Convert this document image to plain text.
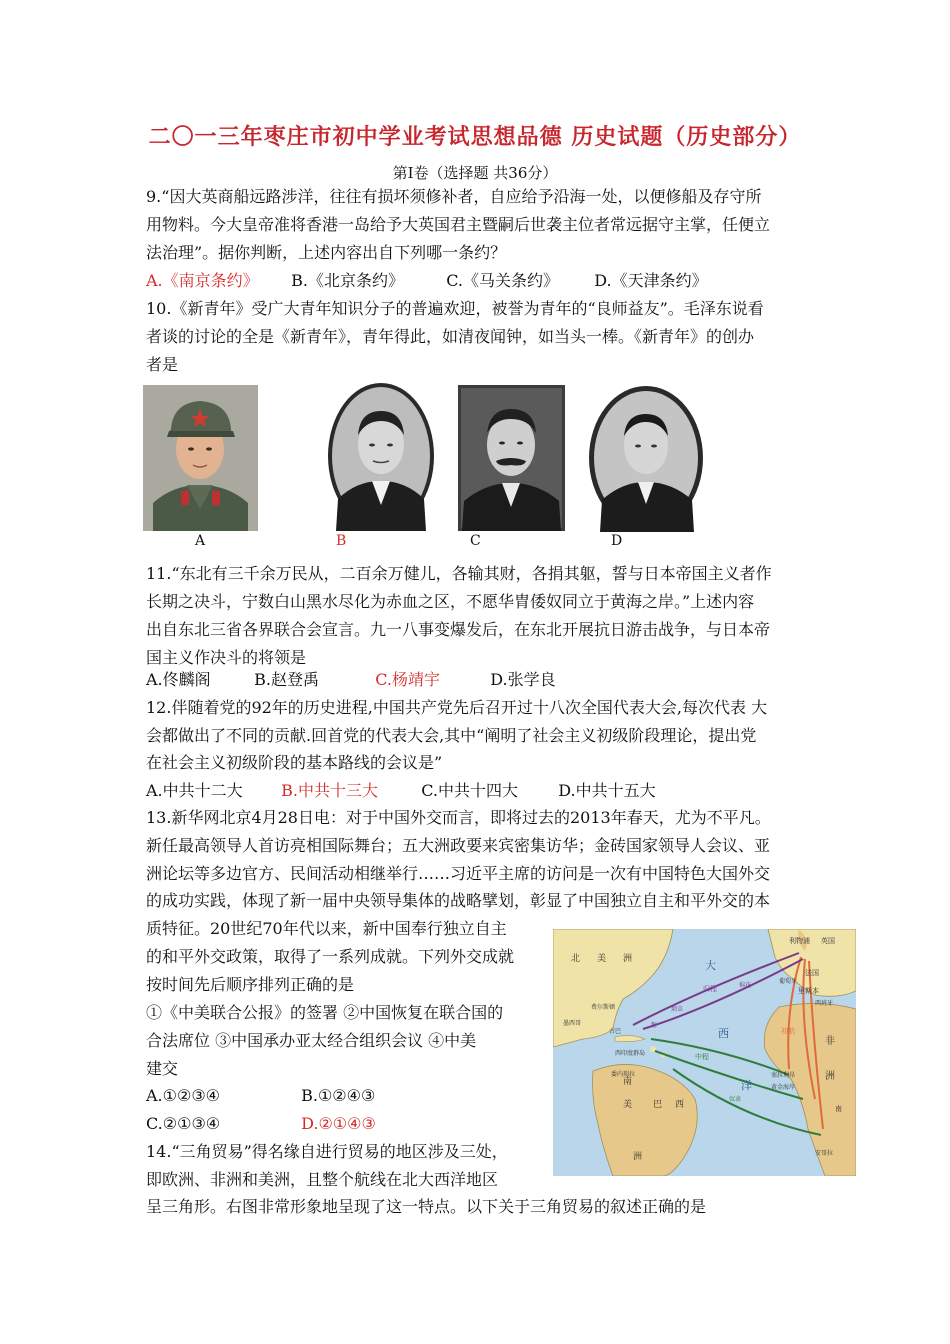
二〇一三年枣庄市初中学业考试思想品德 历史试题（历史部分）
第Ⅰ卷（选择题 共36分）
9.“因大英商船远路涉洋，往往有损坏须修补者，自应给予沿海一处，以便修船及存守所
用物料。今大皇帝准将香港一岛给予大英国君主暨嗣后世袭主位者常远据守主掌，任便立
法治理”。据你判断，上述内容出自下列哪一条约？
A.《南京条约》 B.《北京条约》	C.《马关条约》 D.《天津条约》
10.《新青年》受广大青年知识分子的普遍欢迎，被誉为青年的“良师益友”。毛泽东说看
者谈的讨论的全是《新青年》，青年得此，如清夜闻钟，如当头一棒。《新青年》的创办
者是
A	B	C	D
11.“东北有三千余万民从，二百余万健儿，各输其财，各捐其躯，誓与日本帝国主义者作
长期之决斗，宁数白山黑水尽化为赤血之区，不愿华胄倭奴同立于黄海之岸。”上述内容
出自东北三省各界联合会宣言。九一八事变爆发后，在东北开展抗日游击战争，与日本帝
国主义作决斗的将领是
A.佟麟阁	B.赵登禹	C.杨靖宇	D.张学良
12.伴随着党的92年的历史进程,中国共产党先后召开过十八次全国代表大会,每次代表 大
会都做出了不同的贡献.回首党的代表大会,其中“阐明了社会主义初级阶段理论，提出党
在社会主义初级阶段的基本路线的会议是”
A.中共十二大 B.中共十三大	C.中共十四大	D.中共十五大
13.新华网北京4月28日电：对于中国外交而言，即将过去的2013年春天，尤为不平凡。
新任最高领导人首访亮相国际舞台；五大洲政要来宾密集访华；金砖国家领导人会议、亚
洲论坛等多边官方、民间活动相继举行……习近平主席的访问是一次有中国特色大国外交
的成功实践，体现了新一届中央领导集体的战略擘划，彰显了中国独立自主和平外交的本
质特征。20世纪70年代以来，新中国奉行独立自主
的和平外交政策，取得了一系列成就。下列外交成就
按时间先后顺序排列正确的是
①《中美联合公报》的签署 ②中国恢复在联合国的
合法席位 ③中国承办亚太经合组织会议 ④中美
建交
A.①②③④	B.①②④③
C.②①③④	D.②①④③
14.“三角贸易”得名缘自进行贸易的地区涉及三处，
即欧洲、非洲和美洲，且整个航线在北大西洋地区
呈三角形。右图非常形象地呈现了这一特点。以下关于三角贸易的叙述正确的是
北 美 洲	大
西
洋
南
美 巴 西
洲
非
洲
法国
英国
利物浦
葡萄牙
里斯本
西班牙
古巴
西印度群岛
委内瑞拉	塞拉利昂
黄金海岸
南
安哥拉
费尔斯顿
墨西哥
中程
归程
初航
烟草
棉花
糖
奴隶
